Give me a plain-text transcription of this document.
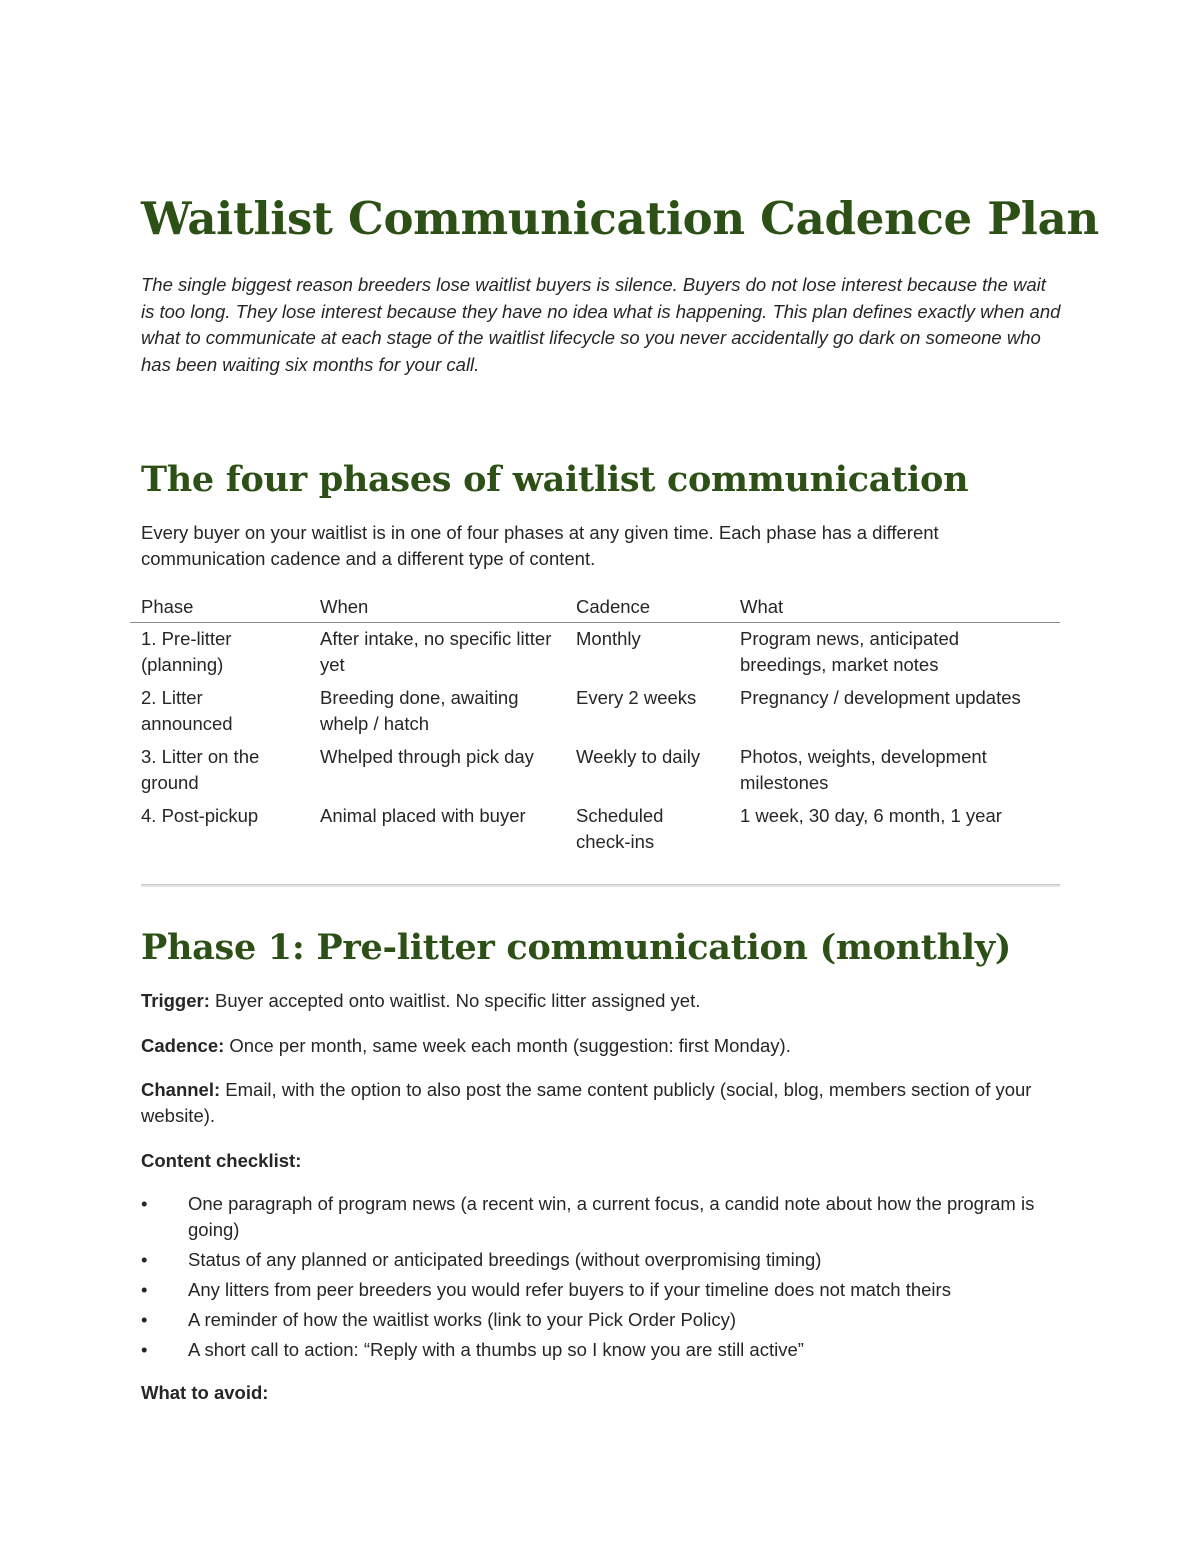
Waitlist Communication Cadence Plan

The single biggest reason breeders lose waitlist buyers is silence. Buyers do not lose interest because the wait is too long. They lose interest because they have no idea what is happening. This plan defines exactly when and what to communicate at each stage of the waitlist lifecycle so you never accidentally go dark on someone who has been waiting six months for your call.

The four phases of waitlist communication

Every buyer on your waitlist is in one of four phases at any given time. Each phase has a different communication cadence and a different type of content.

Phase	When	Cadence	What
1. Pre-litter (planning)	After intake, no specific litter yet	Monthly	Program news, anticipated breedings, market notes
2. Litter announced	Breeding done, awaiting whelp / hatch	Every 2 weeks	Pregnancy / development updates
3. Litter on the ground	Whelped through pick day	Weekly to daily	Photos, weights, development milestones
4. Post-pickup	Animal placed with buyer	Scheduled check-ins	1 week, 30 day, 6 month, 1 year
Phase 1: Pre-litter communication (monthly)

Trigger: Buyer accepted onto waitlist. No specific litter assigned yet.

Cadence: Once per month, same week each month (suggestion: first Monday).

Channel: Email, with the option to also post the same content publicly (social, blog, members section of your website).

Content checklist:

• One paragraph of program news (a recent win, a current focus, a candid note about how the program is going)
• Status of any planned or anticipated breedings (without overpromising timing)
• Any litters from peer breeders you would refer buyers to if your timeline does not match theirs
• A reminder of how the waitlist works (link to your Pick Order Policy)
• A short call to action: “Reply with a thumbs up so I know you are still active”

What to avoid:
